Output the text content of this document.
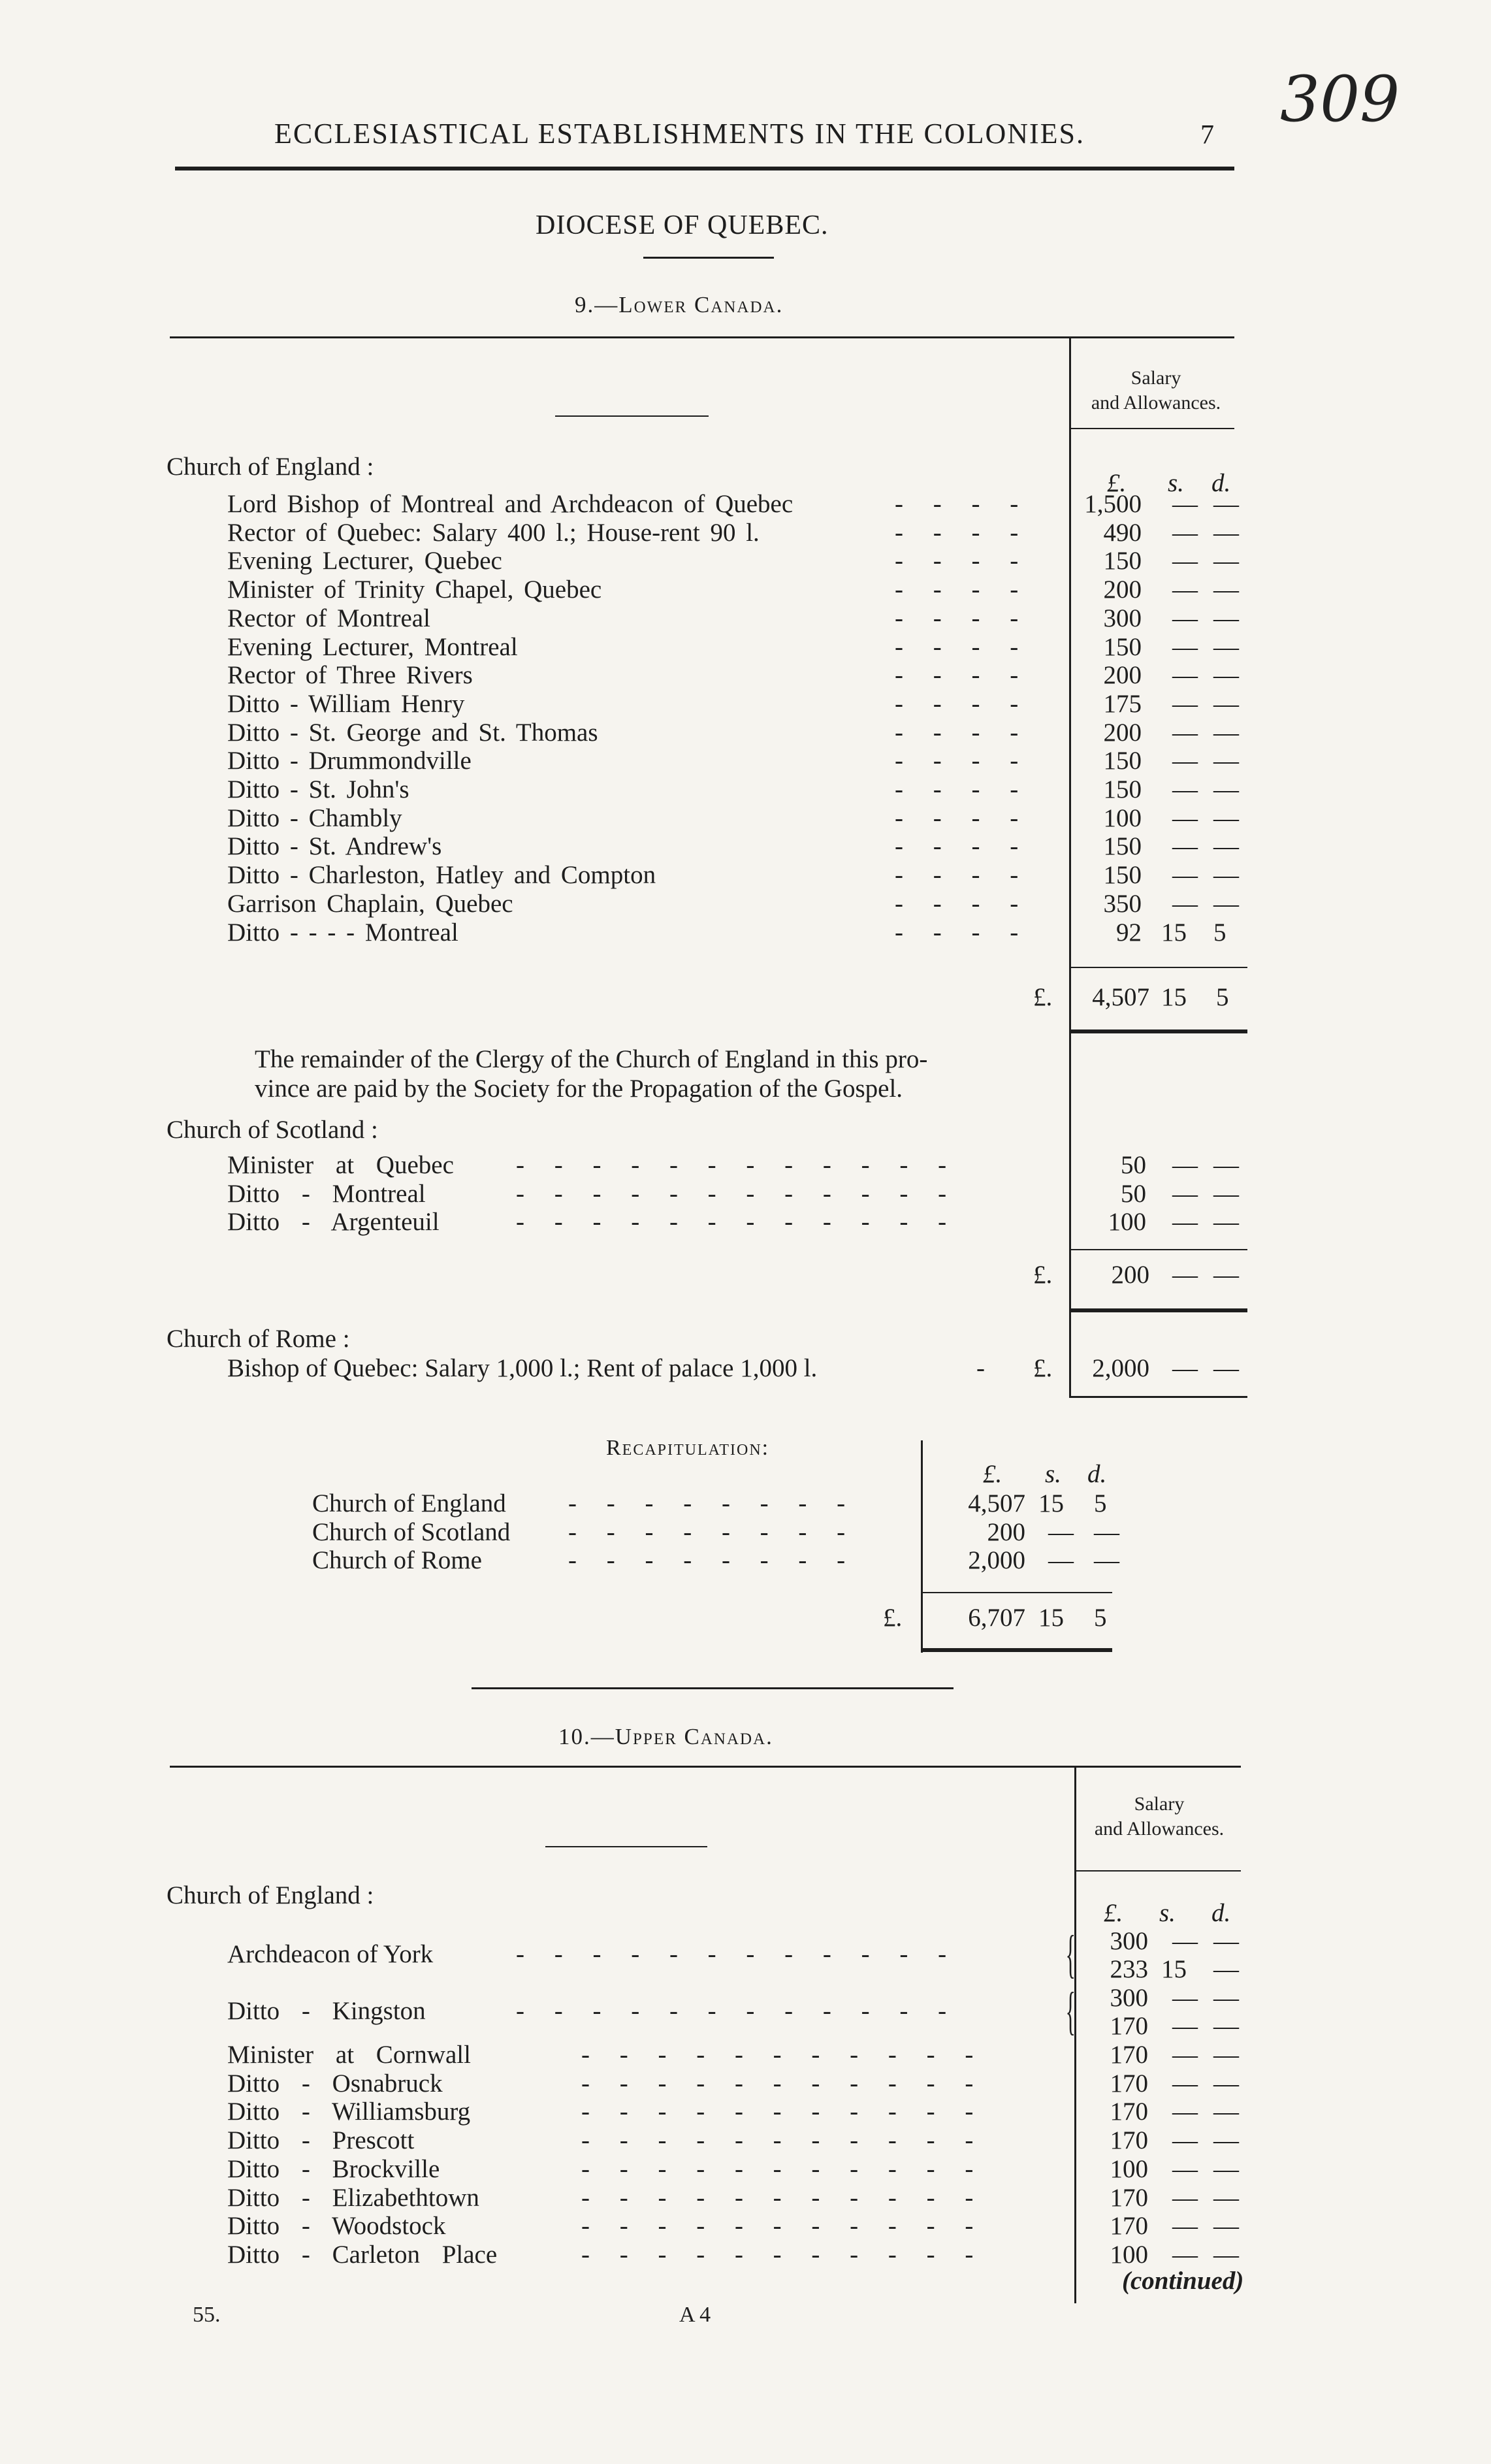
ECCLESIASTICAL ESTABLISHMENTS IN THE COLONIES.	7 309
DIOCESE OF QUEBEC.
9.—Lower Canada.
Salary
and Allowances.
Church of England :
£. s. d.
Lord Bishop of Montreal and Archdeacon of Quebec	- - - -	1,500 — —
Rector of Quebec: Salary 400 l.; House-rent 90 l.	- - - -	490 — —
Evening Lecturer, Quebec	- - - -	150 — —
Minister of Trinity Chapel, Quebec	- - - -	200 — —
Rector of Montreal	- - - -	300 — —
Evening Lecturer, Montreal	- - - -	150 — —
Rector of Three Rivers	- - - -	200 — —
Ditto - William Henry	- - - -	175 — —
Ditto - St. George and St. Thomas	- - - -	200 — —
Ditto - Drummondville	- - - -	150 — —
Ditto - St. John's	- - - -	150 — —
Ditto - Chambly	- - - -	100 — —
Ditto - St. Andrew's	- - - -	150 — —
Ditto - Charleston, Hatley and Compton	- - - -	150 — —
Garrison Chaplain, Quebec	- - - -	350 — —
Ditto - - - - Montreal	- - - -	92 15 5
£.	4,507 15 5
The remainder of the Clergy of the Church of England in this pro-
vince are paid by the Society for the Propagation of the Gospel.
Church of Scotland :
Minister at Quebec - - - - - - - - - - - -	50 — —
Ditto - Montreal	- - - - - - - - - - - -	50 — —
Ditto - Argenteuil	- - - - - - - - - - - -	100 — —
£.	200 — —
Church of Rome :
Bishop of Quebec: Salary 1,000 l.; Rent of palace 1,000 l.	- £.	2,000 — —
Recapitulation:
£. s. d.
Church of England - - - - - - - -	4,507 15 5
Church of Scotland - - - - - - - -	200 — —
Church of Rome	- - - - - - - -	2,000 — —
£.	6,707 15 5
10.—Upper Canada.
Salary
and Allowances.
Church of England :
£. s. d.
Archdeacon of York	- - - - - - - - - - - - {	300 — —
233 15 —
Ditto - Kingston	- - - - - - - - - - - - {	300 — —
170 — —
Minister at Cornwall	- - - - - - - - - - -	170 — —
Ditto - Osnabruck	- - - - - - - - - - -	170 — —
Ditto - Williamsburg	- - - - - - - - - - -	170 — —
Ditto - Prescott	- - - - - - - - - - -	170 — —
Ditto - Brockville	- - - - - - - - - - -	100 — —
Ditto - Elizabethtown	- - - - - - - - - - -	170 — —
Ditto - Woodstock	- - - - - - - - - - -	170 — —
Ditto - Carleton Place	- - - - - - - - - - -	100 — —
(continued)
55.	A 4
